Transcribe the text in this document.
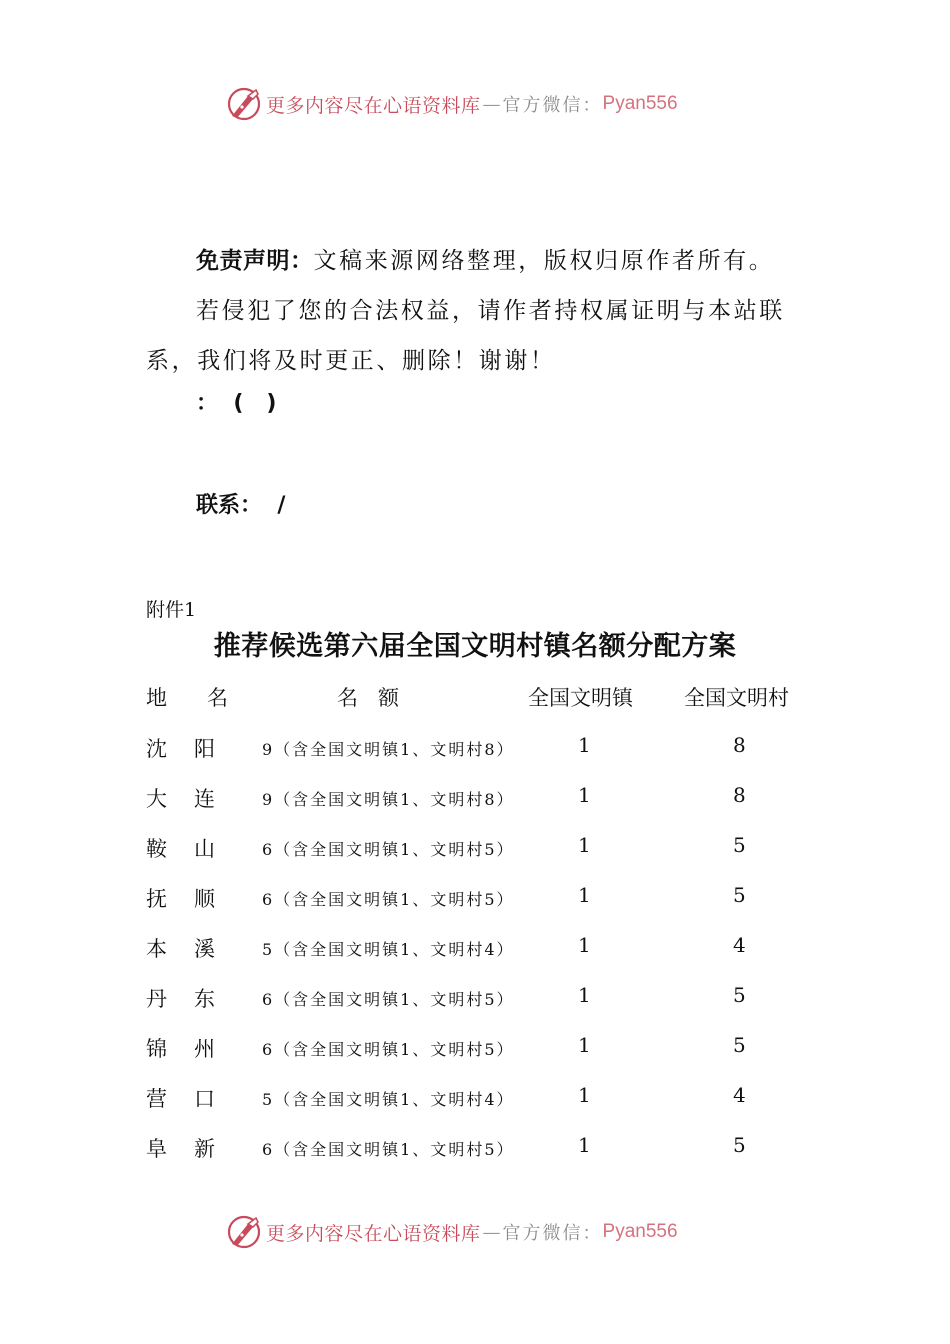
更多内容尽在心语资料库 — 官方微信： Pyan556

免责声明：文稿来源网络整理，版权归原作者所有。

若侵犯了您的合法权益，请作者持权属证明与本站联

系，我们将及时更正、删除！谢谢！

：  (   )
联系：  /
附件1
推荐候选第六届全国文明村镇名额分配方案
地      名	名   额	全国文明镇 全国文明村
沈 阳	9（含全国文明镇1、文明村8）	1	8
大 连	9（含全国文明镇1、文明村8）	1	8
鞍 山	6（含全国文明镇1、文明村5）	1	5
抚 顺	6（含全国文明镇1、文明村5）	1	5
本 溪	5（含全国文明镇1、文明村4）	1	4
丹 东	6（含全国文明镇1、文明村5）	1	5
锦 州	6（含全国文明镇1、文明村5）	1	5
营 口	5（含全国文明镇1、文明村4）	1	4
阜 新	6（含全国文明镇1、文明村5）	1	5
更多内容尽在心语资料库 — 官方微信： Pyan556
